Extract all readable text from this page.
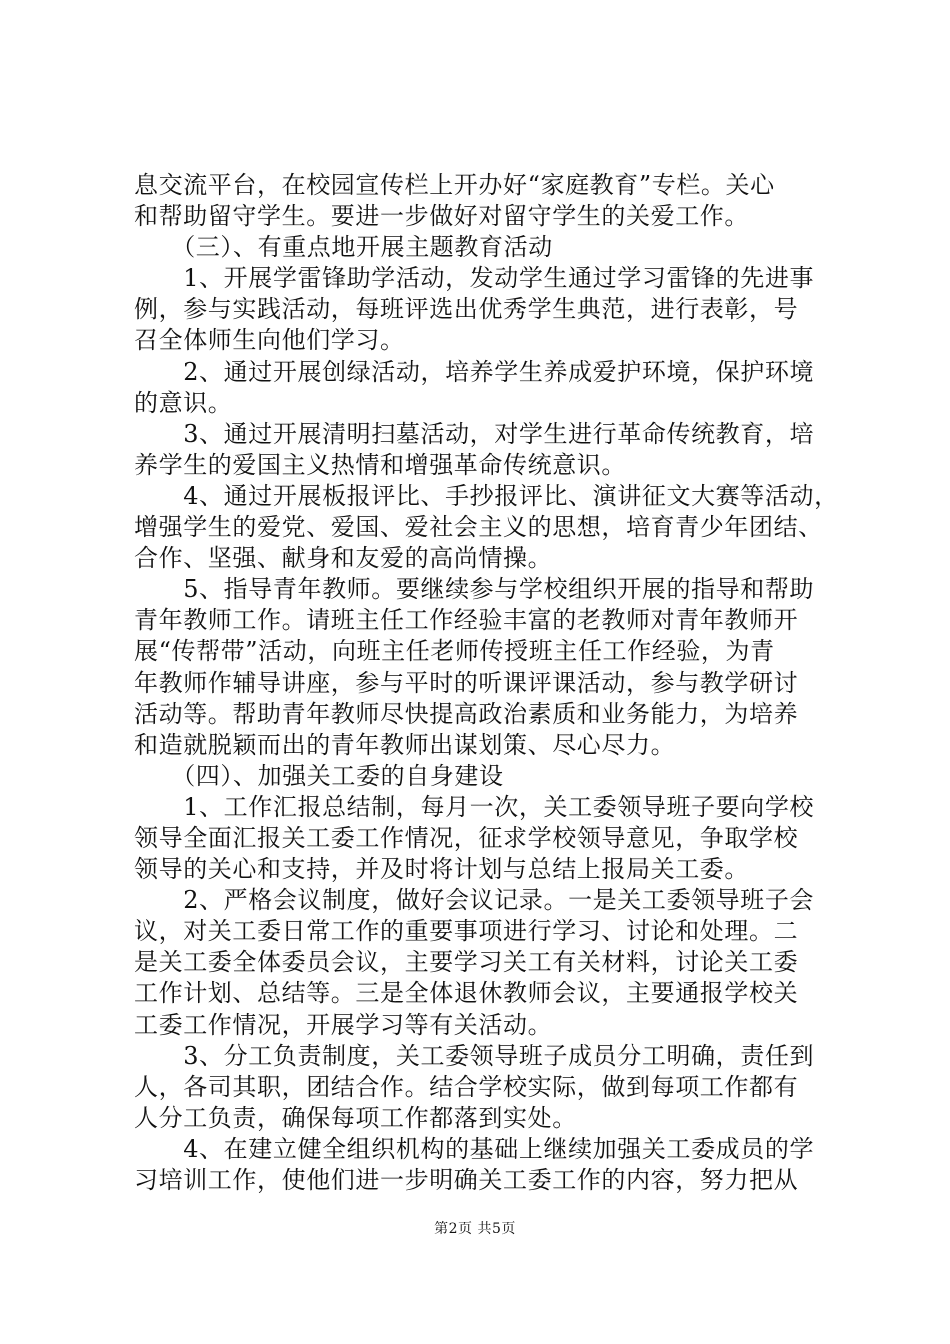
息交流平台，在校园宣传栏上开办好“家庭教育”专栏。关心
和帮助留守学生。要进一步做好对留守学生的关爱工作。
　　（三）、有重点地开展主题教育活动
　　1、开展学雷锋助学活动，发动学生通过学习雷锋的先进事
例，参与实践活动，每班评选出优秀学生典范，进行表彰，号
召全体师生向他们学习。
　　2、通过开展创绿活动，培养学生养成爱护环境，保护环境
的意识。
　　3、通过开展清明扫墓活动，对学生进行革命传统教育，培
养学生的爱国主义热情和增强革命传统意识。
　　4、通过开展板报评比、手抄报评比、演讲征文大赛等活动，
增强学生的爱党、爱国、爱社会主义的思想，培育青少年团结、
合作、坚强、献身和友爱的高尚情操。
　　5、指导青年教师。要继续参与学校组织开展的指导和帮助
青年教师工作。请班主任工作经验丰富的老教师对青年教师开
展“传帮带”活动，向班主任老师传授班主任工作经验，为青
年教师作辅导讲座，参与平时的听课评课活动，参与教学研讨
活动等。帮助青年教师尽快提高政治素质和业务能力，为培养
和造就脱颖而出的青年教师出谋划策、尽心尽力。
　　（四）、加强关工委的自身建设
　　1、工作汇报总结制，每月一次，关工委领导班子要向学校
领导全面汇报关工委工作情况，征求学校领导意见，争取学校
领导的关心和支持，并及时将计划与总结上报局关工委。
　　2、严格会议制度，做好会议记录。一是关工委领导班子会
议，对关工委日常工作的重要事项进行学习、讨论和处理。二
是关工委全体委员会议，主要学习关工有关材料，讨论关工委
工作计划、总结等。三是全体退休教师会议，主要通报学校关
工委工作情况，开展学习等有关活动。
　　3、分工负责制度，关工委领导班子成员分工明确，责任到
人，各司其职，团结合作。结合学校实际，做到每项工作都有
人分工负责，确保每项工作都落到实处。
　　4、在建立健全组织机构的基础上继续加强关工委成员的学
习培训工作，使他们进一步明确关工委工作的内容，努力把从
第2页 共5页
